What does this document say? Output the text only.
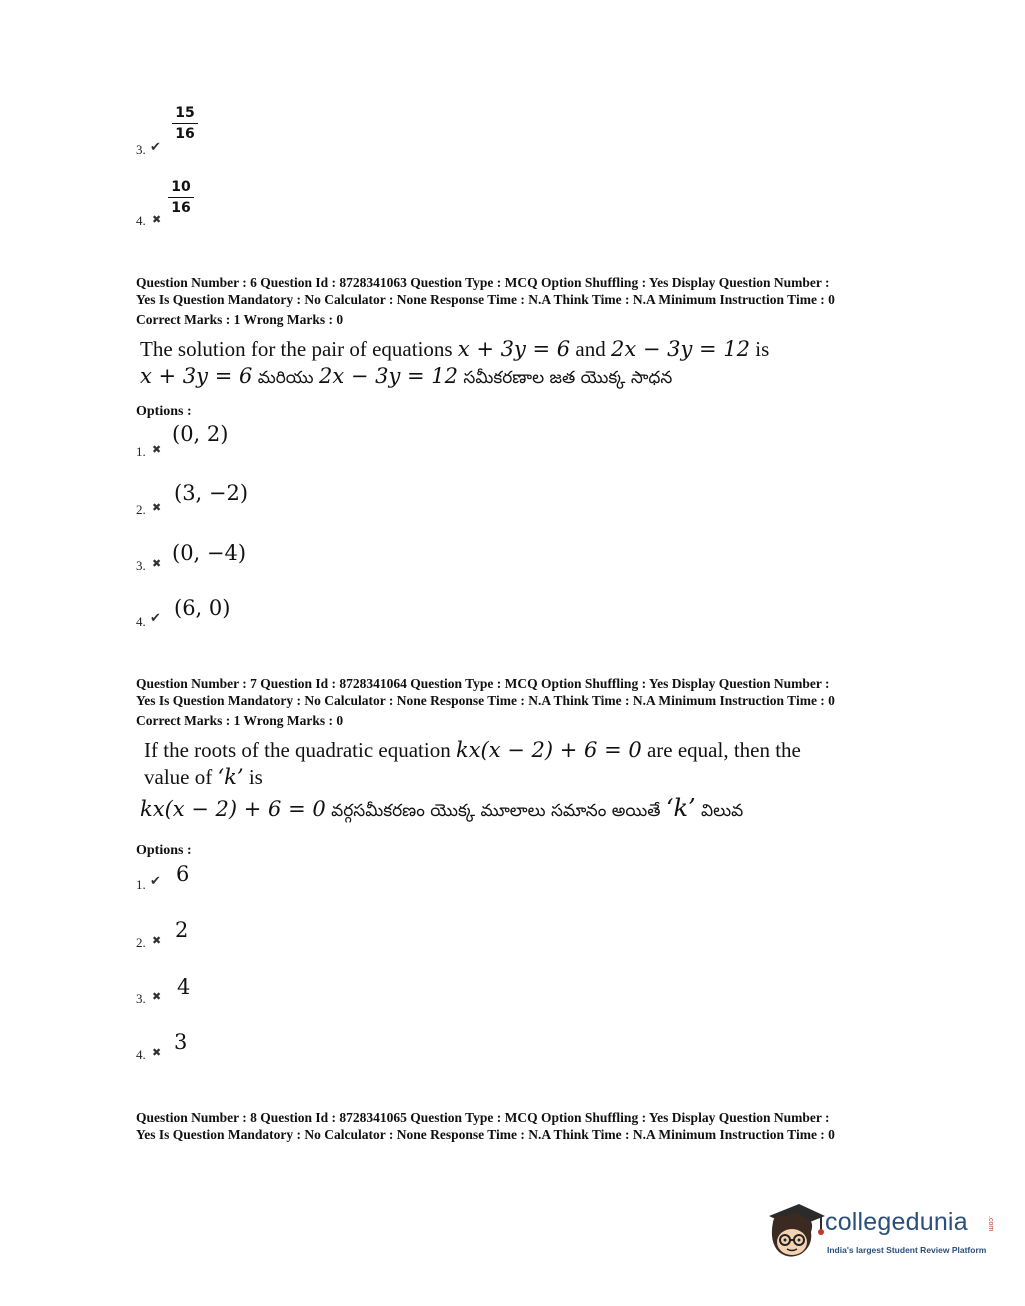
3. ✔
15
16
4. ✖
10
16
Question Number : 6 Question Id : 8728341063 Question Type : MCQ Option Shuffling : Yes Display Question Number :
Yes Is Question Mandatory : No Calculator : None Response Time : N.A Think Time : N.A Minimum Instruction Time : 0
Correct Marks : 1 Wrong Marks : 0
The solution for the pair of equations x + 3y = 6 and 2x − 3y = 12 is
x + 3y = 6 మరియు 2x − 3y = 12 సమీకరణాల జత యొక్క సాధన
Options :
1. ✖
(0, 2)
2. ✖
(3, −2)
3. ✖ (0, −4)
4. ✔ (6, 0)
Question Number : 7 Question Id : 8728341064 Question Type : MCQ Option Shuffling : Yes Display Question Number :
Yes Is Question Mandatory : No Calculator : None Response Time : N.A Think Time : N.A Minimum Instruction Time : 0
Correct Marks : 1 Wrong Marks : 0
If the roots of the quadratic equation kx(x − 2) + 6 = 0 are equal, then the
value of ‘k’ is
kx(x − 2) + 6 = 0 వర్గసమీకరణం యొక్క మూలాలు సమానం అయితే ‘k’ విలువ
Options :
1. ✔ 6
2. ✖ 2
3. ✖ 4
4. ✖ 3
Question Number : 8 Question Id : 8728341065 Question Type : MCQ Option Shuffling : Yes Display Question Number :
Yes Is Question Mandatory : No Calculator : None Response Time : N.A Think Time : N.A Minimum Instruction Time : 0
collegedunia	.com
India's largest Student Review Platform
